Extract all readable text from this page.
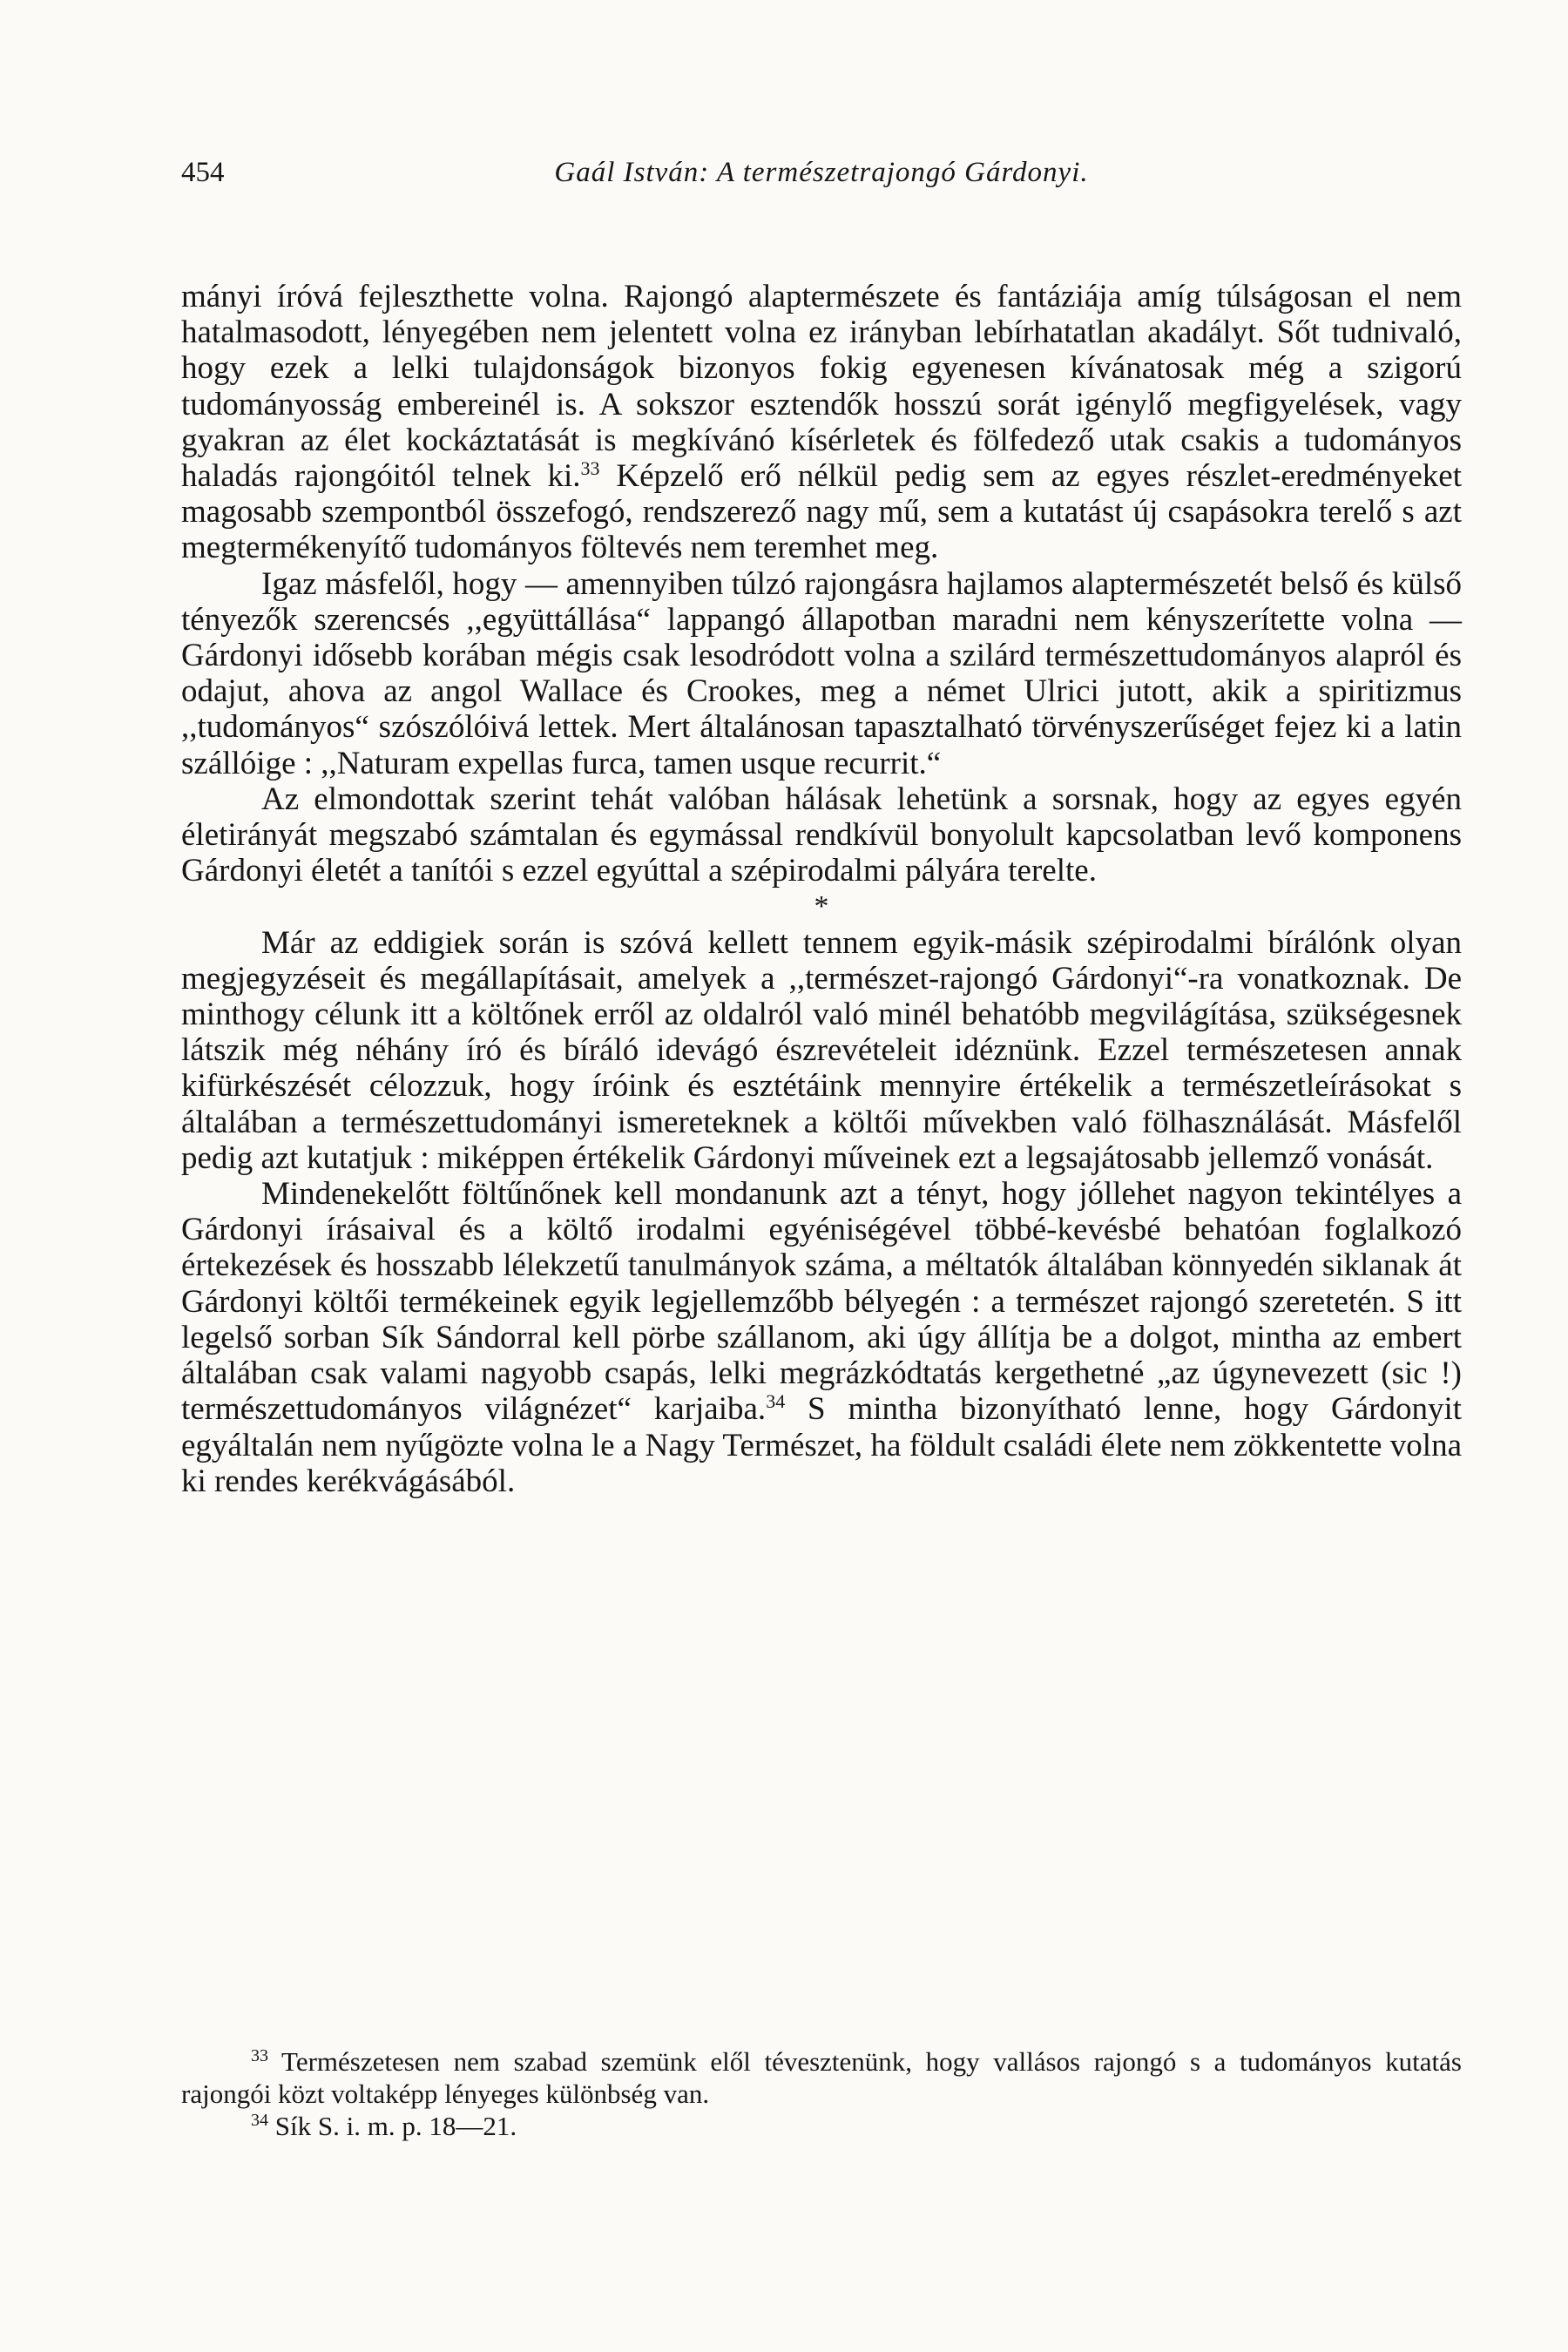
454	Gaál István: A természetrajongó Gárdonyi.

mányi íróvá fejleszthette volna. Rajongó alaptermészete és fantáziája amíg túlságosan el nem hatalmasodott, lényegében nem jelentett volna ez irányban lebírhatatlan akadályt. Sőt tudnivaló, hogy ezek a lelki tulajdonságok bizonyos fokig egyenesen kívánatosak még a szigorú tudományosság embereinél is. A sokszor esztendők hosszú sorát igénylő megfigyelések, vagy gyakran az élet kockáztatását is megkívánó kísérletek és fölfedező utak csakis a tudományos haladás rajongóitól telnek ki.$^{33}$ Képzelő erő nélkül pedig sem az egyes részlet-eredményeket magosabb szempontból összefogó, rendszerező nagy mű, sem a kutatást új csapásokra terelő s azt megtermékenyítő tudományos föltevés nem teremhet meg.

Igaz másfelől, hogy — amennyiben túlzó rajongásra hajlamos alaptermészetét belső és külső tényezők szerencsés ,,együttállása“ lappangó állapotban maradni nem kényszerítette volna — Gárdonyi idősebb korában mégis csak lesodródott volna a szilárd természettudományos alapról és odajut, ahova az angol Wallace és Crookes, meg a német Ulrici jutott, akik a spiritizmus ,,tudományos“ szószólóivá lettek. Mert általánosan tapasztalható törvényszerűséget fejez ki a latin szállóige : ,,Naturam expellas furca, tamen usque recurrit.“

Az elmondottak szerint tehát valóban hálásak lehetünk a sorsnak, hogy az egyes egyén életirányát megszabó számtalan és egymással rendkívül bonyolult kapcsolatban levő komponens Gárdonyi életét a tanítói s ezzel egyúttal a szépirodalmi pályára terelte.

*

Már az eddigiek során is szóvá kellett tennem egyik-másik szépirodalmi bírálónk olyan megjegyzéseit és megállapításait, amelyek a ,,természet-rajongó Gárdonyi“-ra vonatkoznak. De minthogy célunk itt a költőnek erről az oldalról való minél behatóbb megvilágítása, szükségesnek látszik még néhány író és bíráló idevágó észrevételeit idéznünk. Ezzel természetesen annak kifürkészését célozzuk, hogy íróink és esztétáink mennyire értékelik a természetleírásokat s általában a természettudományi ismereteknek a költői művekben való fölhasználását. Másfelől pedig azt kutatjuk : miképpen értékelik Gárdonyi műveinek ezt a legsajátosabb jellemző vonását.

Mindenekelőtt föltűnőnek kell mondanunk azt a tényt, hogy jóllehet nagyon tekintélyes a Gárdonyi írásaival és a költő irodalmi egyéniségével többé-kevésbé behatóan foglalkozó értekezések és hosszabb lélekzetű tanulmányok száma, a méltatók általában könnyedén siklanak át Gárdonyi költői termékeinek egyik legjellemzőbb bélyegén : a természet rajongó szeretetén. S itt legelső sorban Sík Sándorral kell pörbe szállanom, aki úgy állítja be a dolgot, mintha az embert általában csak valami nagyobb csapás, lelki megrázkódtatás kergethetné „az úgynevezett (sic !) természettudományos világnézet“ karjaiba.$^{34}$ S mintha bizonyítható lenne, hogy Gárdonyit egyáltalán nem nyűgözte volna le a Nagy Természet, ha földult családi élete nem zökkentette volna ki rendes kerékvágásából.

$^{33}$ Természetesen nem szabad szemünk elől tévesztenünk, hogy vallásos rajongó s a tudományos kutatás rajongói közt voltaképp lényeges különbség van.

$^{34}$ Sík S. i. m. p. 18—21.
